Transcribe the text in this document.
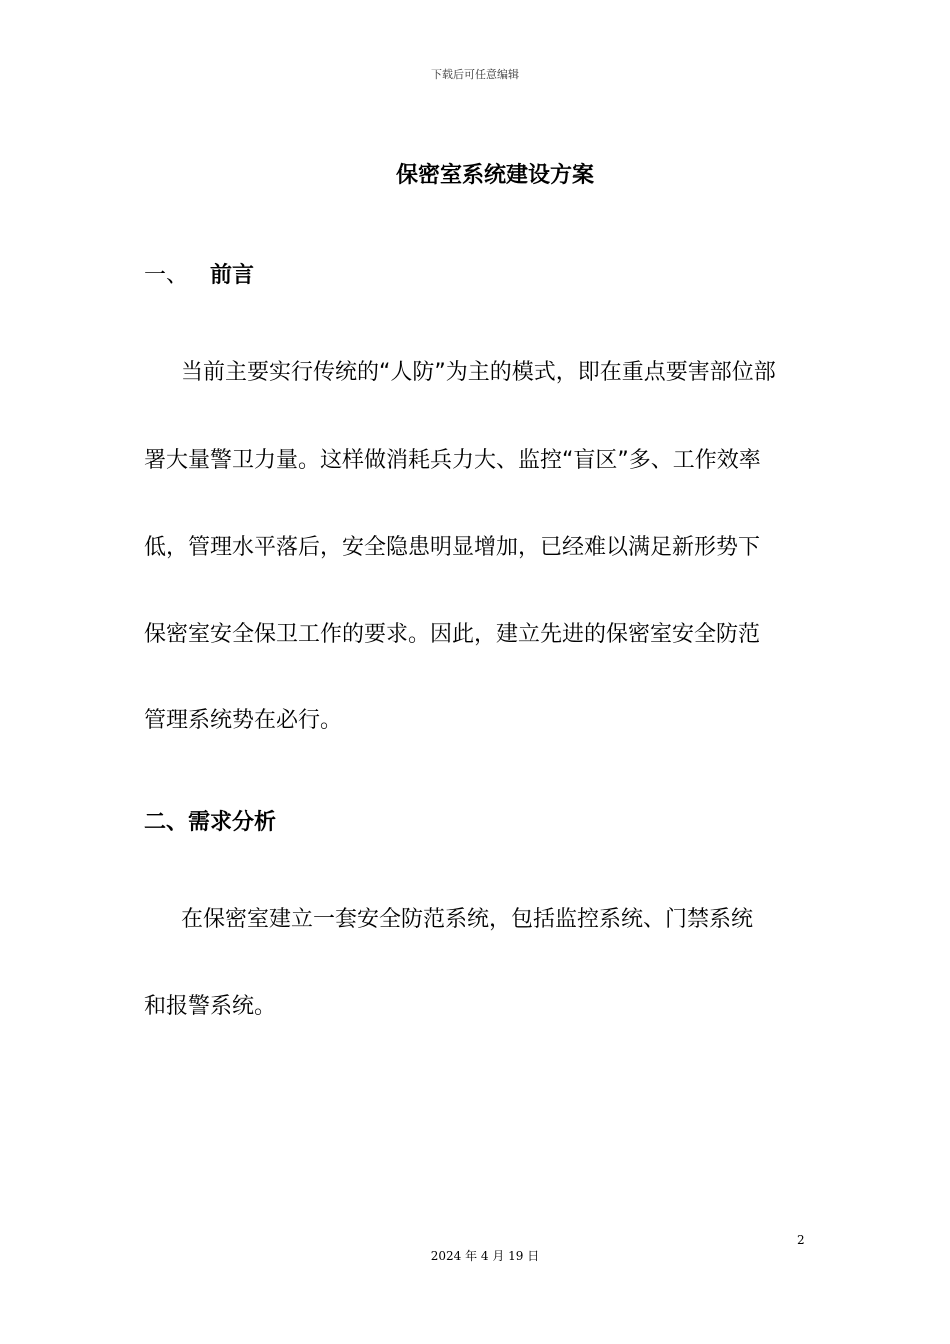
下载后可任意编辑
保密室系统建设方案
一、 前言

当前主要实行传统的“人防”为主的模式，即在重点要害部位部

署大量警卫力量。这样做消耗兵力大、监控“盲区”多、工作效率

低，管理水平落后，安全隐患明显增加，已经难以满足新形势下

保密室安全保卫工作的要求。因此，建立先进的保密室安全防范

管理系统势在必行。

二、需求分析

在保密室建立一套安全防范系统，包括监控系统、门禁系统

和报警系统。

2
2024 年 4 月 19 日
